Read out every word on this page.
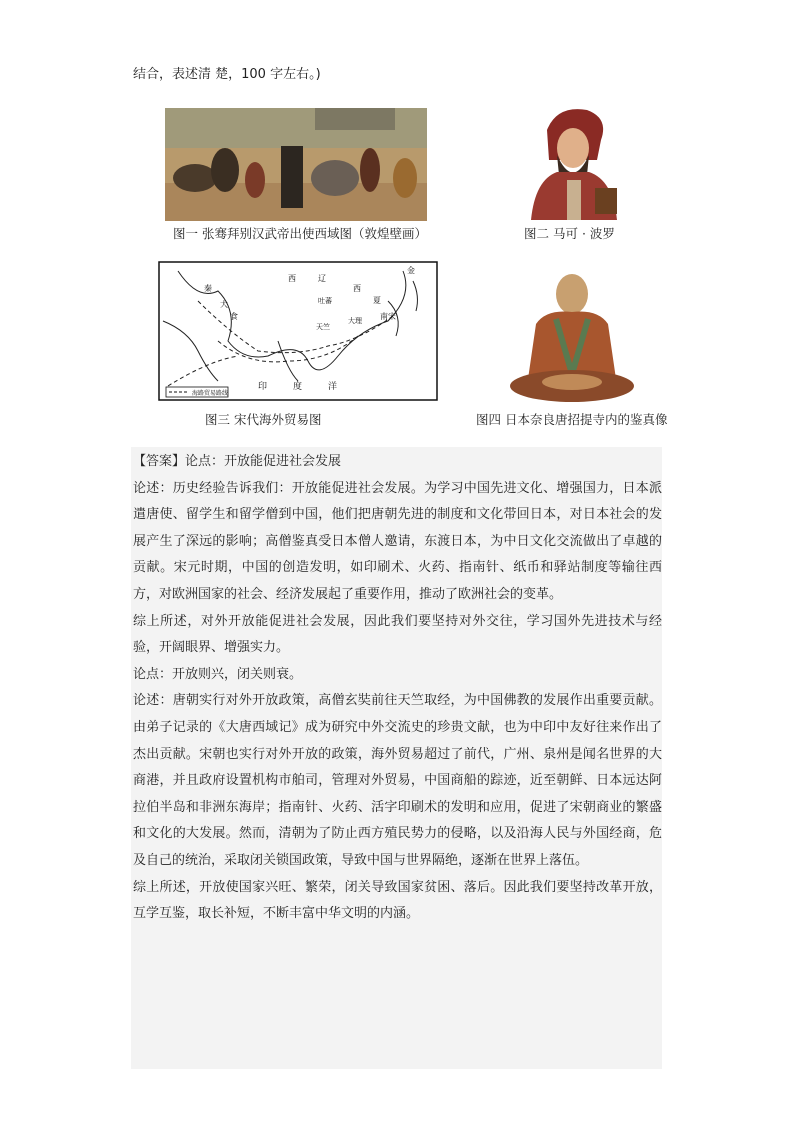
结合，表述清 楚，100 字左右。)
图一 张骞拜别汉武帝出使西域图（敦煌壁画）	图二 马可 · 波罗
西	辽
金
西
夏
吐蕃
南宋
大理
天竺
大
食
秦
印	度	洋
海路贸易路线
图三 宋代海外贸易图	图四 日本奈良唐招提寺内的鉴真像

【答案】论点：开放能促进社会发展

论述：历史经验告诉我们：开放能促进社会发展。为学习中国先进文化、增强国力，日本派遣唐使、留学生和留学僧到中国，他们把唐朝先进的制度和文化带回日本，对日本社会的发展产生了深远的影响；高僧鉴真受日本僧人邀请，东渡日本，为中日文化交流做出了卓越的贡献。宋元时期，中国的创造发明，如印刷术、火药、指南针、纸币和驿站制度等输往西方，对欧洲国家的社会、经济发展起了重要作用，推动了欧洲社会的变革。

综上所述，对外开放能促进社会发展，因此我们要坚持对外交往，学习国外先进技术与经验，开阔眼界、增强实力。

论点：开放则兴，闭关则衰。

论述：唐朝实行对外开放政策，高僧玄奘前往天竺取经，为中国佛教的发展作出重要贡献。由弟子记录的《大唐西域记》成为研究中外交流史的珍贵文献，也为中印中友好往来作出了杰出贡献。宋朝也实行对外开放的政策，海外贸易超过了前代，广州、泉州是闻名世界的大商港，并且政府设置机构市舶司，管理对外贸易，中国商船的踪迹，近至朝鲜、日本远达阿拉伯半岛和非洲东海岸；指南针、火药、活字印刷术的发明和应用，促进了宋朝商业的繁盛和文化的大发展。然而，清朝为了防止西方殖民势力的侵略，以及沿海人民与外国经商，危及自己的统治，采取闭关锁国政策，导致中国与世界隔绝，逐渐在世界上落伍。

综上所述，开放使国家兴旺、繁荣，闭关导致国家贫困、落后。因此我们要坚持改革开放，互学互鉴，取长补短，不断丰富中华文明的内涵。
